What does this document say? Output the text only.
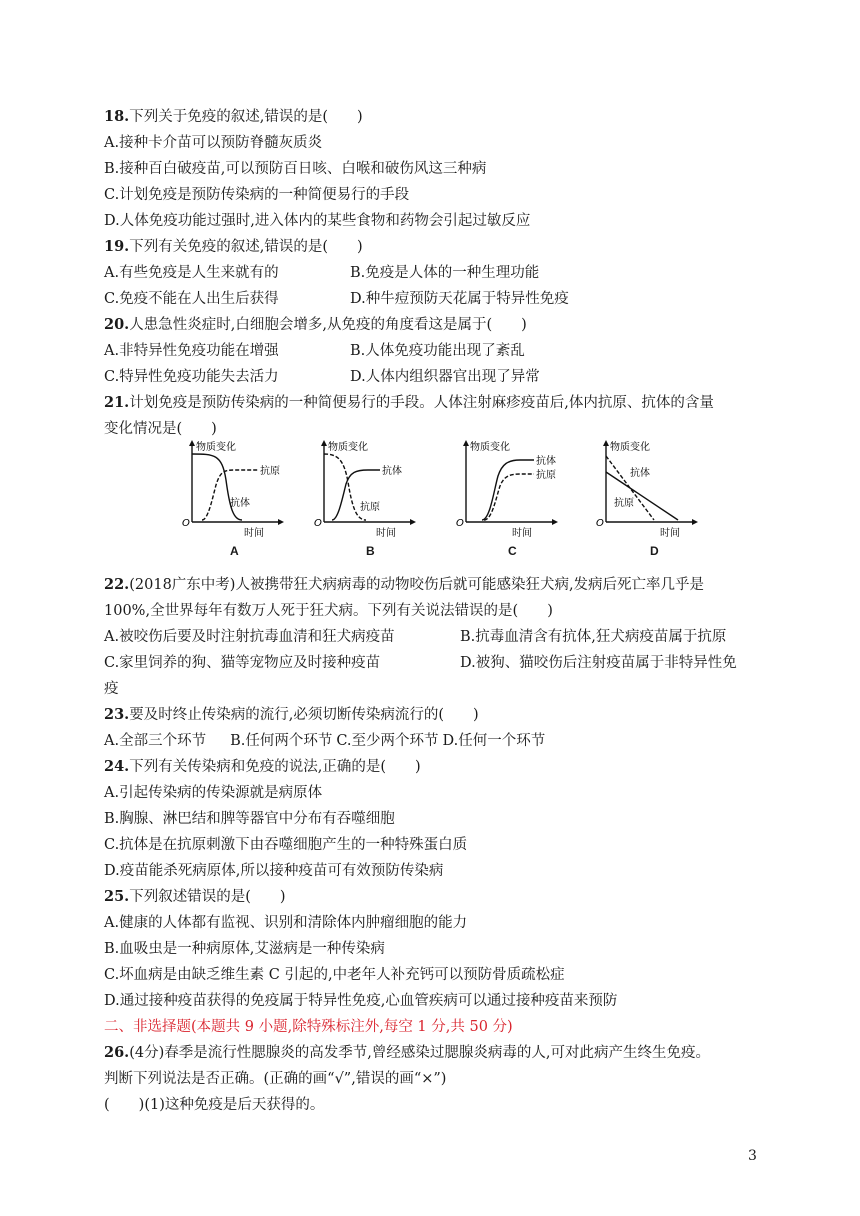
18.下列关于免疫的叙述,错误的是(　　)
A.接种卡介苗可以预防脊髓灰质炎
B.接种百白破疫苗,可以预防百日咳、白喉和破伤风这三种病
C.计划免疫是预防传染病的一种简便易行的手段
D.人体免疫功能过强时,进入体内的某些食物和药物会引起过敏反应
19.下列有关免疫的叙述,错误的是(　　)
A.有些免疫是人生来就有的	B.免疫是人体的一种生理功能
C.免疫不能在人出生后获得	D.种牛痘预防天花属于特异性免疫
20.人患急性炎症时,白细胞会增多,从免疫的角度看这是属于(　　)
A.非特异性免疫功能在增强	B.人体免疫功能出现了紊乱
C.特异性免疫功能失去活力	D.人体内组织器官出现了异常
21.计划免疫是预防传染病的一种简便易行的手段。人体注射麻疹疫苗后,体内抗原、抗体的含量
变化情况是(　　)
物质变化
抗原
抗体
O
时间
物质变化
抗体
抗原
O
时间
物质变化
抗体
抗原
O
时间
物质变化
抗体
抗原
O
时间
A	B	C	D
22.(2018广东中考)人被携带狂犬病病毒的动物咬伤后就可能感染狂犬病,发病后死亡率几乎是
100%,全世界每年有数万人死于狂犬病。下列有关说法错误的是(　　)
A.被咬伤后要及时注射抗毒血清和狂犬病疫苗	B.抗毒血清含有抗体,狂犬病疫苗属于抗原
C.家里饲养的狗、猫等宠物应及时接种疫苗	D.被狗、猫咬伤后注射疫苗属于非特异性免
疫
23.要及时终止传染病的流行,必须切断传染病流行的(　　)
A.全部三个环节 B.任何两个环节 C.至少两个环节 D.任何一个环节
24.下列有关传染病和免疫的说法,正确的是(　　)
A.引起传染病的传染源就是病原体
B.胸腺、淋巴结和脾等器官中分布有吞噬细胞
C.抗体是在抗原刺激下由吞噬细胞产生的一种特殊蛋白质
D.疫苗能杀死病原体,所以接种疫苗可有效预防传染病
25.下列叙述错误的是(　　)
A.健康的人体都有监视、识别和清除体内肿瘤细胞的能力
B.血吸虫是一种病原体,艾滋病是一种传染病
C.坏血病是由缺乏维生素 C 引起的,中老年人补充钙可以预防骨质疏松症
D.通过接种疫苗获得的免疫属于特异性免疫,心血管疾病可以通过接种疫苗来预防
二、非选择题(本题共 9 小题,除特殊标注外,每空 1 分,共 50 分)
26.(4分)春季是流行性腮腺炎的高发季节,曾经感染过腮腺炎病毒的人,可对此病产生终生免疫。
判断下列说法是否正确。(正确的画“√”,错误的画“×”)
(　　)(1)这种免疫是后天获得的。
3
